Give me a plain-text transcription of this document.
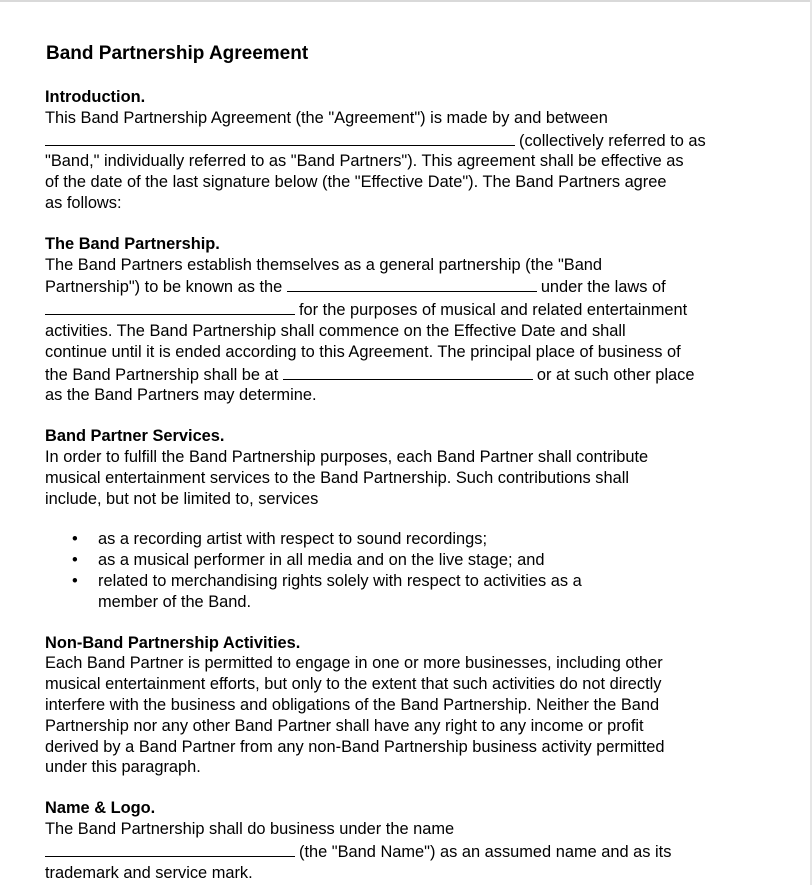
Band Partnership Agreement
Introduction.
This Band Partnership Agreement (the "Agreement") is made by and between
(collectively referred to as
"Band," individually referred to as "Band Partners"). This agreement shall be effective as
of the date of the last signature below (the "Effective Date"). The Band Partners agree
as follows:
The Band Partnership.
The Band Partners establish themselves as a general partnership (the "Band
Partnership") to be known as the	under the laws of
for the purposes of musical and related entertainment
activities. The Band Partnership shall commence on the Effective Date and shall
continue until it is ended according to this Agreement. The principal place of business of
the Band Partnership shall be at	or at such other place
as the Band Partners may determine.
Band Partner Services.
In order to fulfill the Band Partnership purposes, each Band Partner shall contribute
musical entertainment services to the Band Partnership. Such contributions shall
include, but not be limited to, services
• as a recording artist with respect to sound recordings;
• as a musical performer in all media and on the live stage; and
• related to merchandising rights solely with respect to activities as a
member of the Band.
Non-Band Partnership Activities.
Each Band Partner is permitted to engage in one or more businesses, including other
musical entertainment efforts, but only to the extent that such activities do not directly
interfere with the business and obligations of the Band Partnership. Neither the Band
Partnership nor any other Band Partner shall have any right to any income or profit
derived by a Band Partner from any non-Band Partnership business activity permitted
under this paragraph.
Name & Logo.
The Band Partnership shall do business under the name
(the "Band Name") as an assumed name and as its
trademark and service mark.
